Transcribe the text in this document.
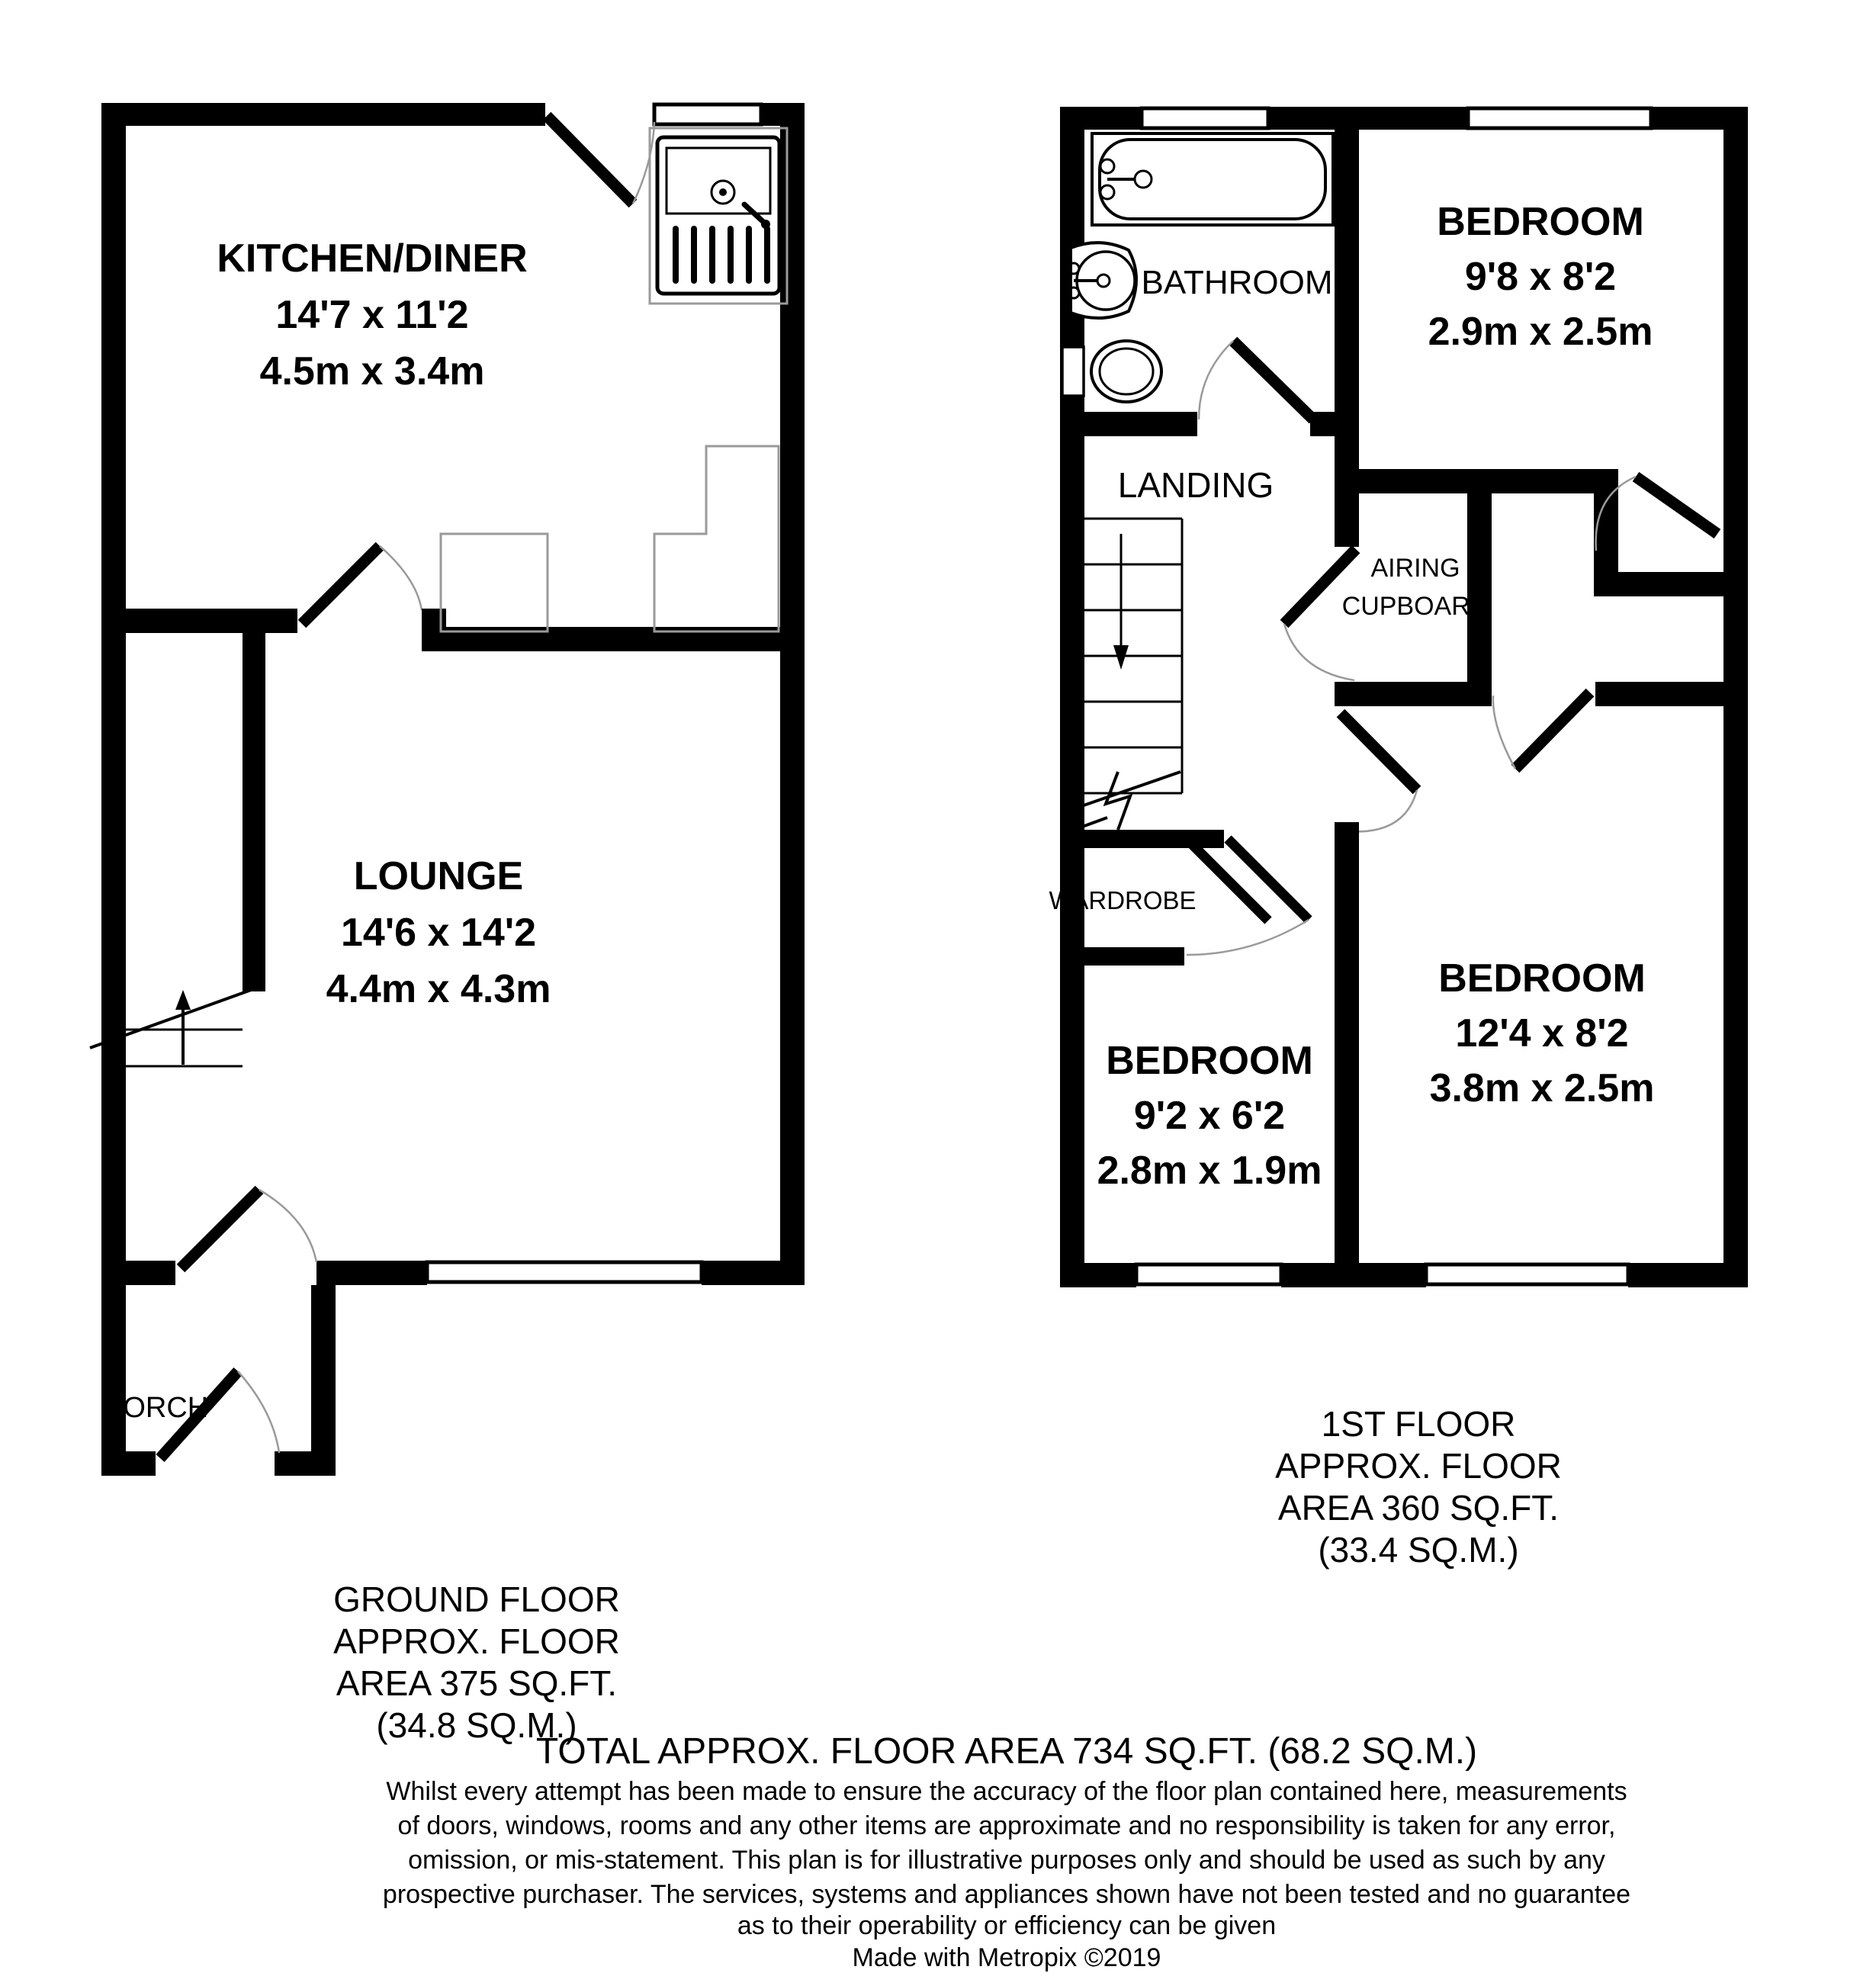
KITCHEN/DINER
14'7 x 11'2
4.5m x 3.4m
LOUNGE
14'6 x 14'2
4.4m x 4.3m
PORCH
BATHROOM
LANDING
AIRING
CUPBOARD
WARDROBE
BEDROOM
9'8 x 8'2
2.9m x 2.5m
BEDROOM
12'4 x 8'2
3.8m x 2.5m
BEDROOM
9'2 x 6'2
2.8m x 1.9m
GROUND FLOOR
APPROX. FLOOR
AREA 375 SQ.FT.
(34.8 SQ.M.)
1ST FLOOR
APPROX. FLOOR
AREA 360 SQ.FT.
(33.4 SQ.M.)
TOTAL APPROX. FLOOR AREA 734 SQ.FT. (68.2 SQ.M.)
Whilst every attempt has been made to ensure the accuracy of the floor plan contained here, measurements
of doors, windows, rooms and any other items are approximate and no responsibility is taken for any error,
omission, or mis-statement. This plan is for illustrative purposes only and should be used as such by any
prospective purchaser. The services, systems and appliances shown have not been tested and no guarantee
as to their operability or efficiency can be given
Made with Metropix ©2019
